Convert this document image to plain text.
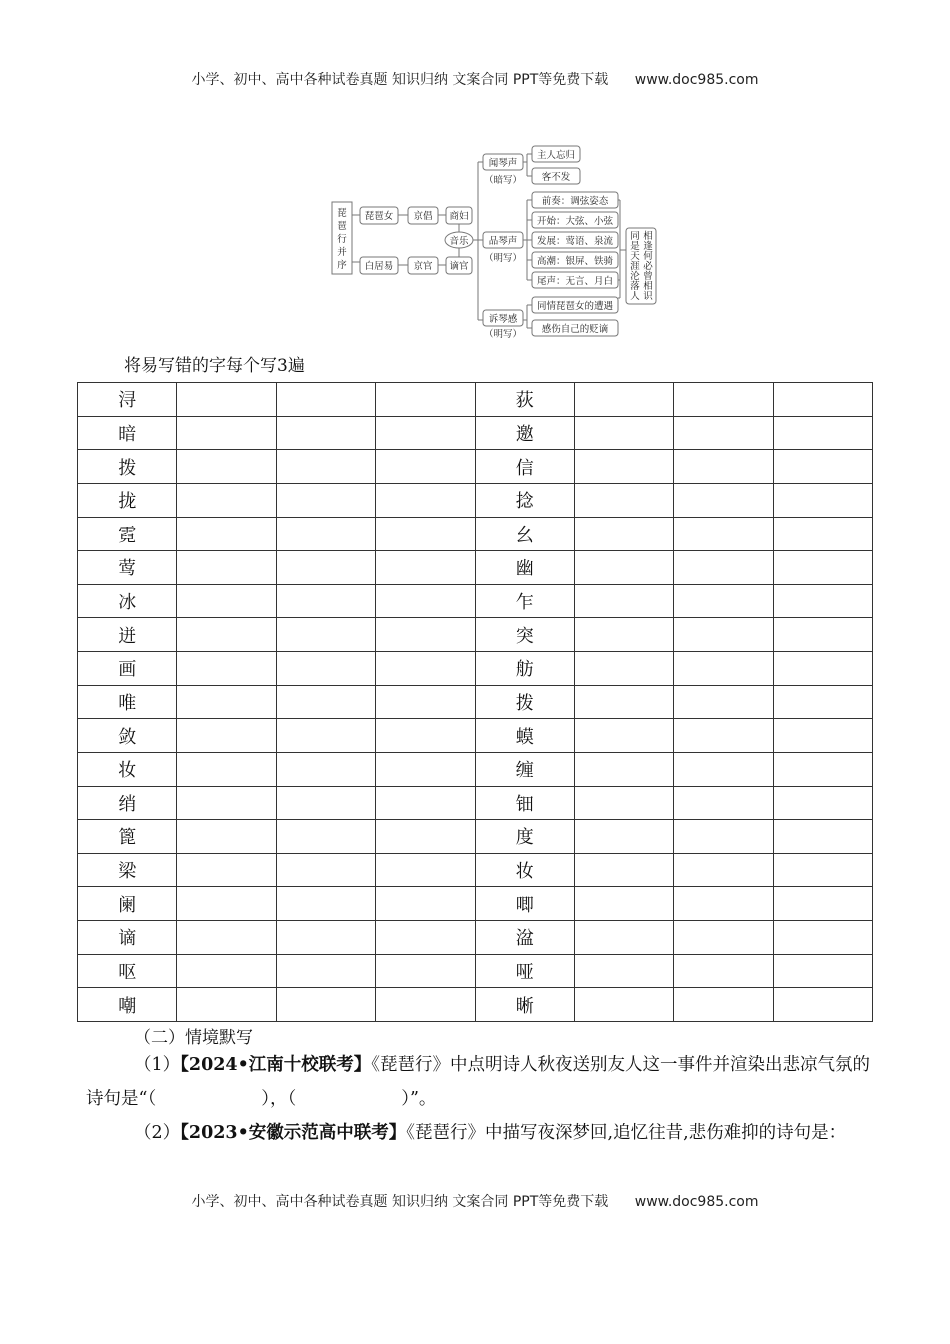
小学、初中、高中各种试卷真题 知识归纳 文案合同 PPT等免费下载 www.doc985.com
琵
琶
行
并
序
琵琶女 京倡 商妇
音乐
白居易 京官 谪官
闻琴声
（暗写）
品琴声
（明写）
诉琴感
（明写）
主人忘归
客不发
前奏：调弦姿态
开始：大弦、小弦
发展：莺语、泉流
高潮：银屏、铁骑
尾声：无言、月白
同情琵琶女的遭遇
感伤自己的贬谪
同
是
天
涯
沦
落
人
相
逢
何
必
曾
相
识
将易写错的字每个写3遍
浔				荻			
暗				邀			
拨				信			
拢				捻			
霓				幺			
莺				幽			
冰				乍			
迸				突			
画				舫			
唯				拨			
敛				蟆			
妆				缠			
绡				钿			
篦				度			
梁				妆			
阑				唧			
谪				湓			
呕				哑			
嘲				晰			
（二）情境默写
（1）【2024•江南十校联考】《琵琶行》中点明诗人秋夜送别友人这一事件并渲染出悲凉气氛的诗句是“（　　　　　　），（　　　　　　）”。
（2）【2023•安徽示范高中联考】《琵琶行》中描写夜深梦回,追忆往昔,悲伤难抑的诗句是：
小学、初中、高中各种试卷真题 知识归纳 文案合同 PPT等免费下载 www.doc985.com
